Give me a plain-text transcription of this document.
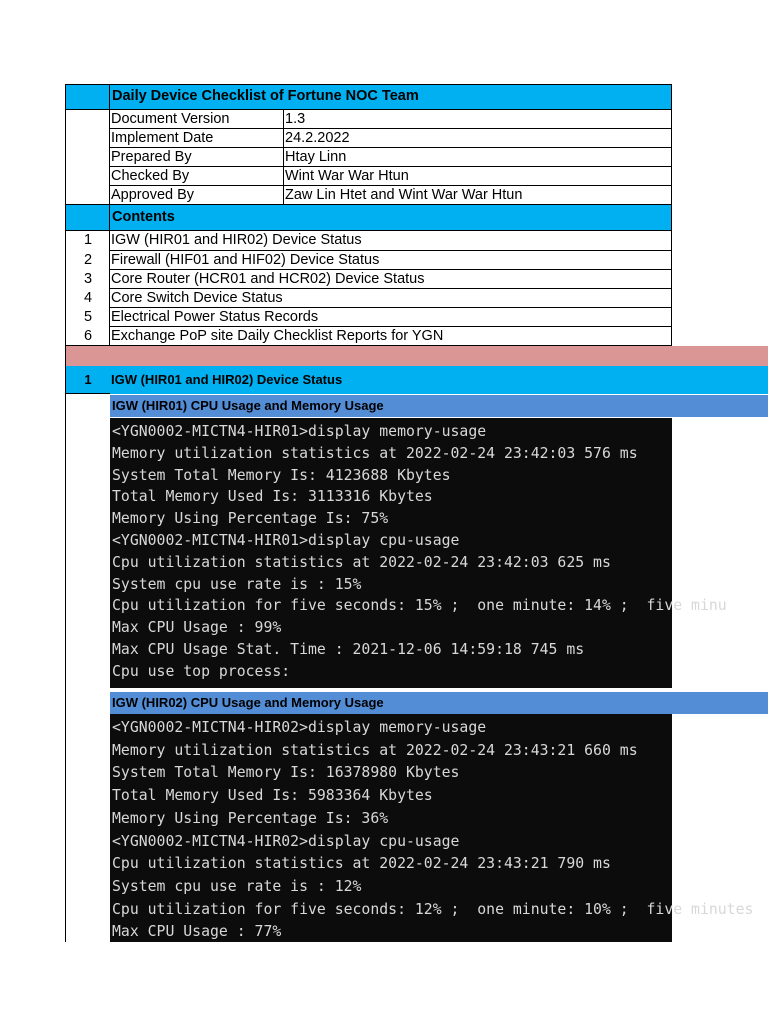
Daily Device Checklist of Fortune NOC Team
Document Version	1.3
Implement Date	24.2.2022
Prepared By	Htay Linn
Checked By	Wint War War Htun
Approved By	Zaw Lin Htet and Wint War War Htun
Contents
1	IGW (HIR01 and HIR02) Device Status
2	Firewall (HIF01 and HIF02) Device Status
3	Core Router (HCR01 and HCR02) Device Status
4	Core Switch Device Status
5	Electrical Power Status Records
6	Exchange PoP site Daily Checklist Reports for YGN
1	IGW (HIR01 and HIR02) Device Status
IGW (HIR01) CPU Usage and Memory Usage
<YGN0002-MICTN4-HIR01>display memory-usage
Memory utilization statistics at 2022-02-24 23:42:03 576 ms
System Total Memory Is: 4123688 Kbytes
Total Memory Used Is: 3113316 Kbytes
Memory Using Percentage Is: 75%
<YGN0002-MICTN4-HIR01>display cpu-usage
Cpu utilization statistics at 2022-02-24 23:42:03 625 ms
System cpu use rate is : 15%
Cpu utilization for five seconds: 15% ;  one minute: 14% ;  five minu
Max CPU Usage : 99%
Max CPU Usage Stat. Time : 2021-12-06 14:59:18 745 ms
Cpu use top process:
IGW (HIR02) CPU Usage and Memory Usage
<YGN0002-MICTN4-HIR02>display memory-usage
Memory utilization statistics at 2022-02-24 23:43:21 660 ms
System Total Memory Is: 16378980 Kbytes
Total Memory Used Is: 5983364 Kbytes
Memory Using Percentage Is: 36%
<YGN0002-MICTN4-HIR02>display cpu-usage
Cpu utilization statistics at 2022-02-24 23:43:21 790 ms
System cpu use rate is : 12%
Cpu utilization for five seconds: 12% ;  one minute: 10% ;  five minutes
Max CPU Usage : 77%
